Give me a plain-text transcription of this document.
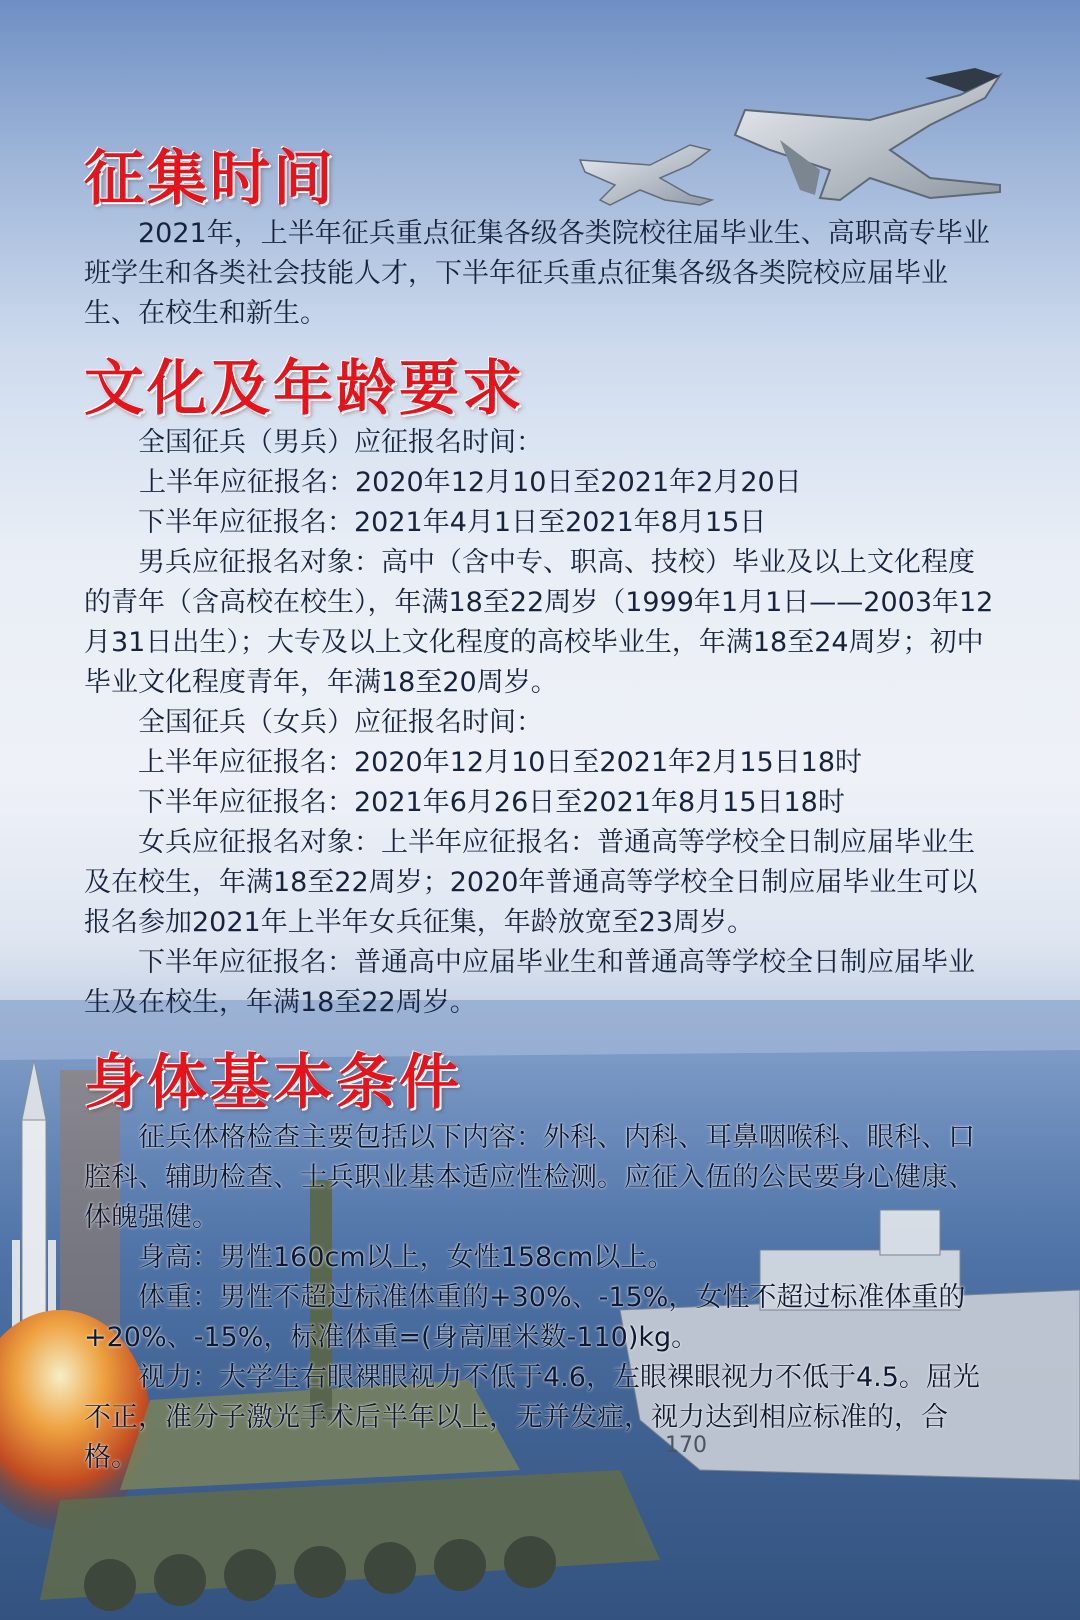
170
征集时间

2021年，上半年征兵重点征集各级各类院校往届毕业生、高职高专毕业班学生和各类社会技能人才，下半年征兵重点征集各级各类院校应届毕业生、在校生和新生。

文化及年龄要求

全国征兵（男兵）应征报名时间：

上半年应征报名：2020年12月10日至2021年2月20日

下半年应征报名：2021年4月1日至2021年8月15日

男兵应征报名对象：高中（含中专、职高、技校）毕业及以上文化程度的青年（含高校在校生），年满18至22周岁（1999年1月1日——2003年12月31日出生）；大专及以上文化程度的高校毕业生，年满18至24周岁；初中毕业文化程度青年，年满18至20周岁。

全国征兵（女兵）应征报名时间：

上半年应征报名：2020年12月10日至2021年2月15日18时

下半年应征报名：2021年6月26日至2021年8月15日18时

女兵应征报名对象：上半年应征报名：普通高等学校全日制应届毕业生及在校生，年满18至22周岁；2020年普通高等学校全日制应届毕业生可以报名参加2021年上半年女兵征集，年龄放宽至23周岁。

下半年应征报名：普通高中应届毕业生和普通高等学校全日制应届毕业生及在校生，年满18至22周岁。

身体基本条件

征兵体格检查主要包括以下内容：外科、内科、耳鼻咽喉科、眼科、口腔科、辅助检查、士兵职业基本适应性检测。应征入伍的公民要身心健康、体魄强健。

身高：男性160cm以上，女性158cm以上。

体重：男性不超过标准体重的+30%、-15%，女性不超过标准体重的+20%、-15%，标准体重=(身高厘米数-110)kg。

视力：大学生右眼裸眼视力不低于4.6，左眼裸眼视力不低于4.5。屈光不正，准分子激光手术后半年以上，无并发症，视力达到相应标准的，合格。
